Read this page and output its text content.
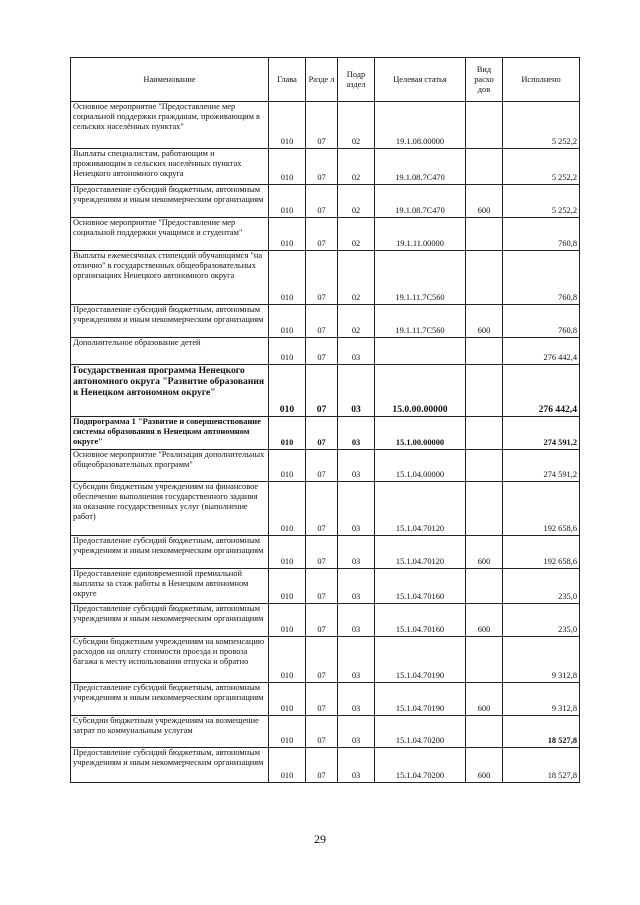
Наименование	Глава	Разде л	Подр аздел	Целевая статья	Вид расхо дов	Исполнено
Основное мероприятие "Предоставление мер социальной поддержки гражданам, проживающим в сельских населённых пунктах"	010	07	02	19.1.08.00000		5 252,2
Выплаты специалистам, работающим и проживающим в сельских населённых пунктах Ненецкого автономного округа	010	07	02	19.1.08.7С470		5 252,2
Предоставление субсидий бюджетным, автономным учреждениям и иным некоммерческим организациям	010	07	02	19.1.08.7С470	600	5 252,2
Основное мероприятие "Предоставление мер социальной поддержки учащимся и студентам"	010	07	02	19.1.11.00000		760,8
Выплаты ежемесячных стипендий обучающимся "на отлично" в государственных общеобразовательных организациях Ненецкого автономного округа	010	07	02	19.1.11.7С560		760,8
Предоставление субсидий бюджетным, автономным учреждениям и иным некоммерческим организациям	010	07	02	19.1.11.7С560	600	760,8
Дополнительное образование детей	010	07	03			276 442,4
Государственная программа Ненецкого автономного округа "Развитие образования в Ненецком автономном округе"	010	07	03	15.0.00.00000		276 442,4
Подпрограмма 1 "Развитие и совершенствование системы образования в Ненецком автономном округе"	010	07	03	15.1.00.00000		274 591,2
Основное мероприятие "Реализация дополнительных общеобразовательных программ"	010	07	03	15.1.04.00000		274 591,2
Субсидии бюджетным учреждениям на финансовое обеспечение выполнения государственного задания на оказание государственных услуг (выполнение работ)	010	07	03	15.1.04.70120		192 658,6
Предоставление субсидий бюджетным, автономным учреждениям и иным некоммерческим организациям	010	07	03	15.1.04.70120	600	192 658,6
Предоставление единовременной премиальной выплаты за стаж работы в Ненецком автономном округе	010	07	03	15.1.04.70160		235,0
Предоставление субсидий бюджетным, автономным учреждениям и иным некоммерческим организациям	010	07	03	15.1.04.70160	600	235,0
Субсидии бюджетным учреждениям на компенсацию расходов на оплату стоимости проезда и провоза багажа к месту использования отпуска и обратно	010	07	03	15.1.04.70190		9 312,8
Предоставление субсидий бюджетным, автономным учреждениям и иным некоммерческим организациям	010	07	03	15.1.04.70190	600	9 312,8
Субсидии бюджетным учреждениям на возмещение затрат по коммунальным услугам	010	07	03	15.1.04.70200		18 527,8
Предоставление субсидий бюджетным, автономным учреждениям и иным некоммерческим организациям	010	07	03	15.1.04.70200	600	18 527,8
29
